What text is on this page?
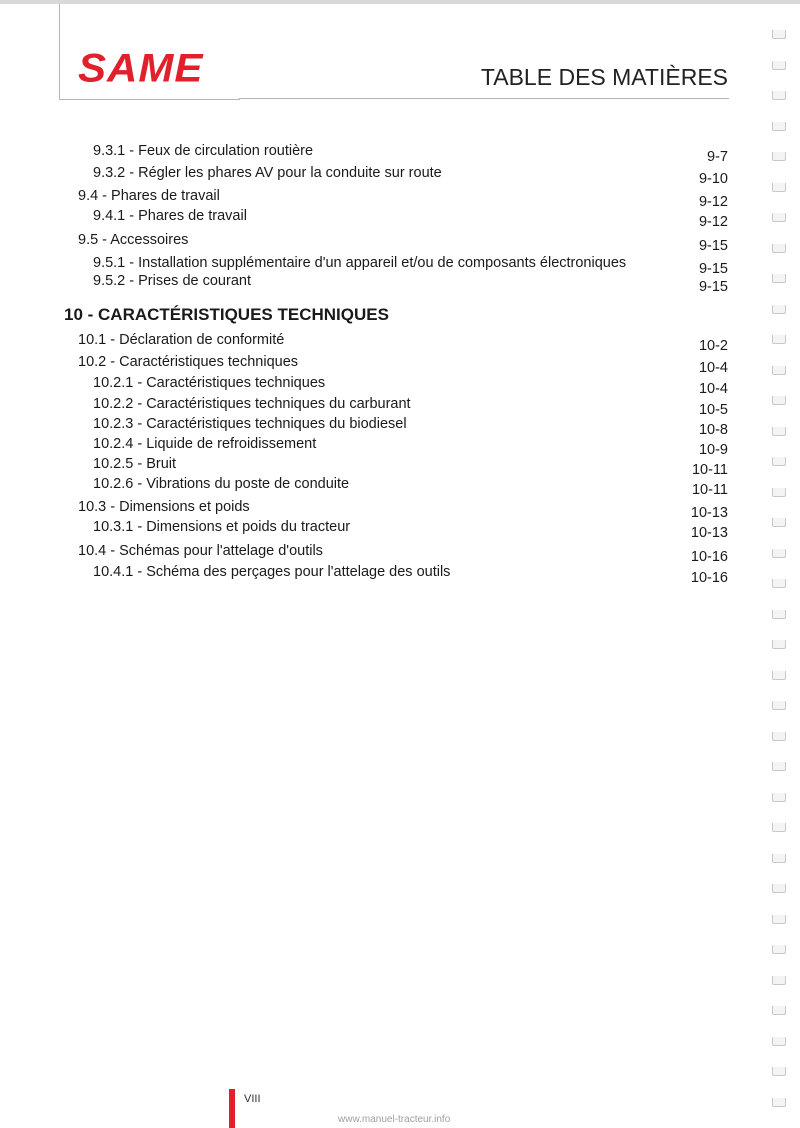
SAME	TABLE DES MATIÈRES
9.3.1 - Feux de circulation routière	9-7
9.3.2 - Régler les phares AV pour la conduite sur route	9-10
9.4 - Phares de travail	9-12
9.4.1 - Phares de travail	9-12
9.5 - Accessoires	9-15
9.5.1 - Installation supplémentaire d'un appareil et/ou de composants électroniques	9-15
9.5.2 - Prises de courant	9-15
10 - CARACTÉRISTIQUES TECHNIQUES
10.1 - Déclaration de conformité	10-2
10.2 - Caractéristiques techniques	10-4
10.2.1 - Caractéristiques techniques	10-4
10.2.2 - Caractéristiques techniques du carburant	10-5
10.2.3 - Caractéristiques techniques du biodiesel	10-8
10.2.4 - Liquide de refroidissement	10-9
10.2.5 - Bruit	10-11
10.2.6 - Vibrations du poste de conduite	10-11
10.3 - Dimensions et poids	10-13
10.3.1 - Dimensions et poids du tracteur	10-13
10.4 - Schémas pour l'attelage d'outils	10-16
10.4.1 - Schéma des perçages pour l'attelage des outils	10-16
VIII
www.manuel-tracteur.info
